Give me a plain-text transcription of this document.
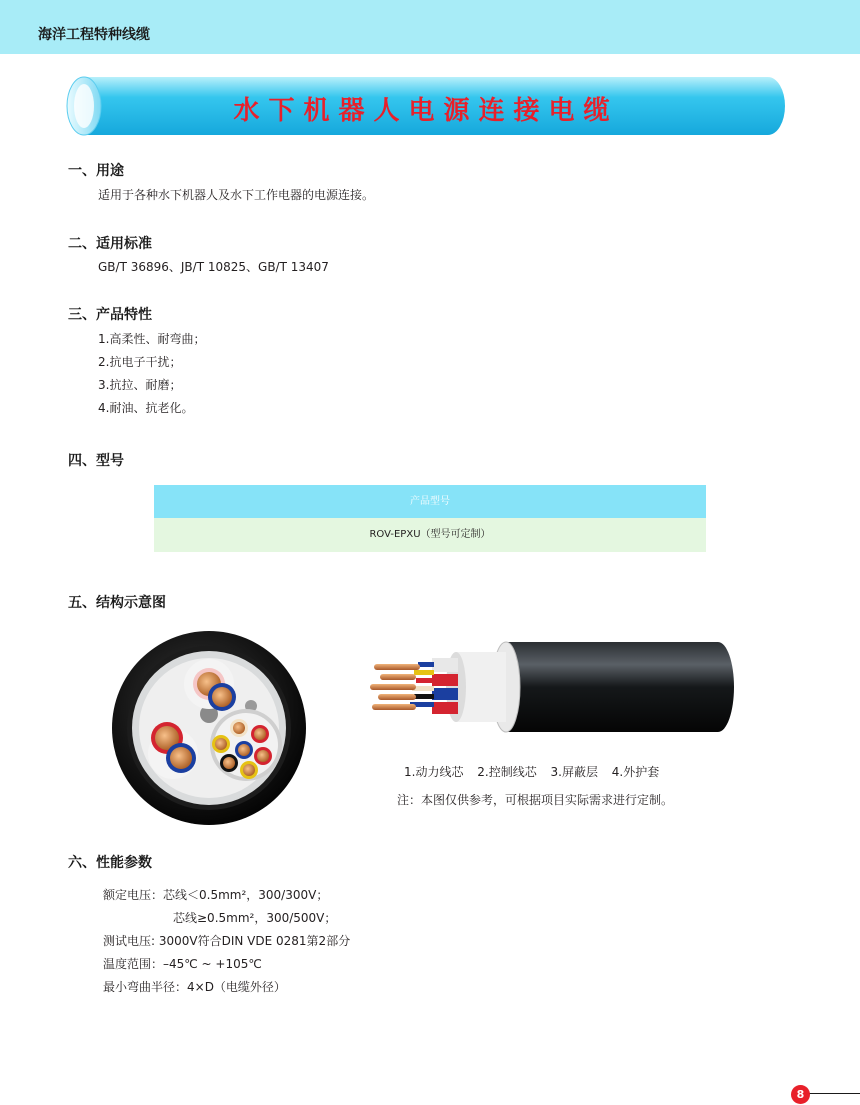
海洋工程特种线缆
水下机器人电源连接电缆
一、用途
适用于各种水下机器人及水下工作电器的电源连接。
二、适用标准
GB/T 36896、JB/T 10825、GB/T 13407
三、产品特性
1.高柔性、耐弯曲；
2.抗电子干扰；
3.抗拉、耐磨；
4.耐油、抗老化。
四、型号
产品型号
ROV-EPXU（型号可定制）
五、结构示意图
1.动力线芯 2.控制线芯 3.屏蔽层 4.外护套
注：本图仅供参考，可根据项目实际需求进行定制。
六、性能参数
额定电压：芯线＜0.5mm²，300/300V；
芯线≥0.5mm²，300/500V；
测试电压: 3000V符合DIN VDE 0281第2部分
温度范围：–45℃ ~ +105℃
最小弯曲半径：4×D（电缆外径）
8
